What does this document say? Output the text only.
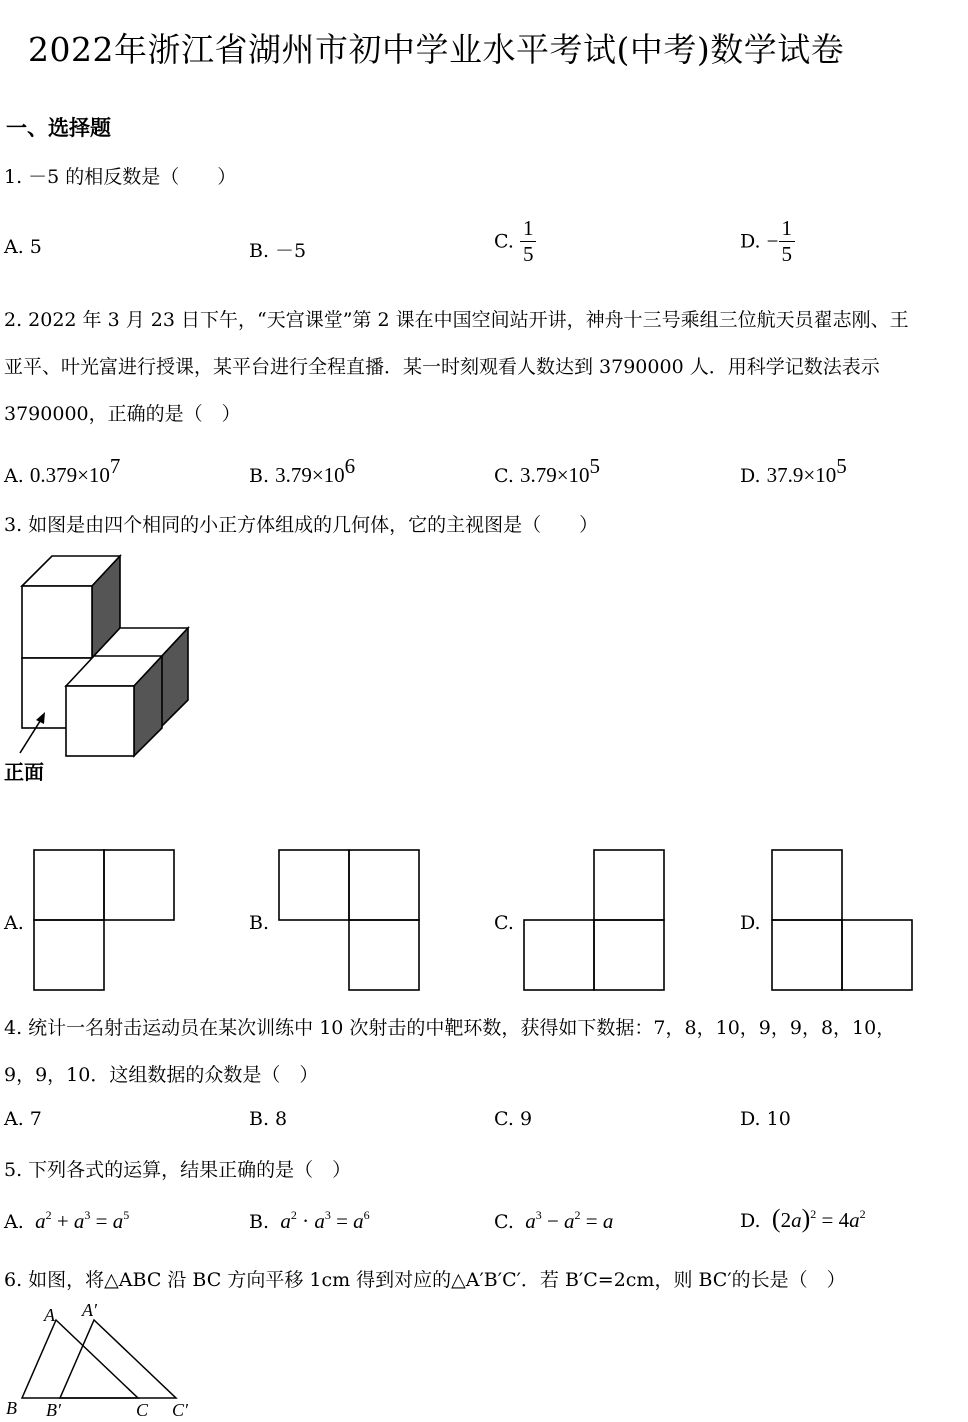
2022年浙江省湖州市初中学业水平考试(中考)数学试卷
一、选择题
1. －5 的相反数是（　　）
A. 5	B. －5	C. $\frac{1}{5}$	D. − $\frac{1}{5}$
2. 2022 年 3 月 23 日下午，“天宫课堂”第 2 课在中国空间站开讲，神舟十三号乘组三位航天员翟志刚、王
亚平、叶光富进行授课，某平台进行全程直播．某一时刻观看人数达到 3790000 人．用科学记数法表示
3790000，正确的是（　）
A. $0.379\times 10^7$	B. $3.79\times 10^6$	C. $3.79\times 10^5$	D. $37.9\times 10^5$
3. 如图是由四个相同的小正方体组成的几何体，它的主视图是（　　）
正面
A.	B.	C.	D.
4. 统计一名射击运动员在某次训练中 10 次射击的中靶环数，获得如下数据：7，8，10，9，9，8，10，
9，9，10．这组数据的众数是（　）
A. 7	B. 8	C. 9	D. 10
5. 下列各式的运算，结果正确的是（　）
A. $a^2 + a^3 = a^5$	B. $a^2 \cdot a^3 = a^6$	C. $a^3 - a^2 = a$	D. $(2a)^2 = 4a^2$
6. 如图，将△ABC 沿 BC 方向平移 1cm 得到对应的△A′B′C′．若 B′C=2cm，则 BC′的长是（　）
A A′
B B′	C C′
